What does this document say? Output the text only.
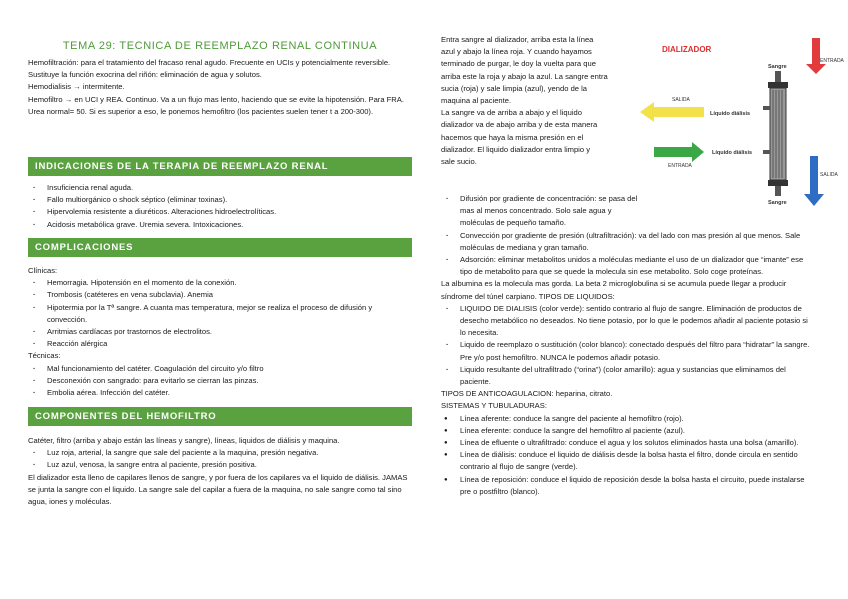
TEMA 29: TECNICA DE REEMPLAZO RENAL CONTINUA
Hemofiltración: para el tratamiento del fracaso renal agudo. Frecuente en UCIs y potencialmente reversible. Sustituye la función exocrina del riñón: eliminación de agua y solutos.
Hemodialisis → intermitente.
Hemofiltro → en UCI y REA. Continuo. Va a un flujo mas lento, haciendo que se evite la hipotensión. Para FRA. Urea normal= 50. Si es superior a eso, le ponemos hemofiltro (los pacientes suelen tener t a 200-300).
INDICACIONES DE LA TERAPIA DE REEMPLAZO RENAL
· Insuficiencia renal aguda.
· Fallo multiorgánico o shock séptico (eliminar toxinas).
· Hipervolemia resistente a diuréticos. Alteraciones hidroelectrolíticas.
· Acidosis metabólica grave. Uremia severa. Intoxicaciones.
COMPLICACIONES
Clínicas:
· Hemorragia. Hipotensión en el momento de la conexión.
· Trombosis (catéteres en vena subclavia). Anemia
· Hipotermia por la Tª sangre. A cuanta mas temperatura, mejor se realiza el proceso de difusión y convección.
· Arritmias cardíacas por trastornos de electrolitos.
· Reacción alérgica
Técnicas:
· Mal funcionamiento del catéter. Coagulación del circuito y/o filtro
· Desconexión con sangrado: para evitarlo se cierran las pinzas.
· Embolia aérea. Infección del catéter.
COMPONENTES DEL HEMOFILTRO
Catéter, filtro (arriba y abajo están las líneas y sangre), líneas, liquidos de diálisis y maquina.
· Luz roja, arterial, la sangre que sale del paciente a la maquina, presión negativa.
· Luz azul, venosa, la sangre entra al paciente, presión positiva.
El dializador esta lleno de capilares llenos de sangre, y por fuera de los capilares va el liquido de diálisis. JAMAS se junta la sangre con el liquido. La sangre sale del capilar a fuera de la maquina, no sale sangre como tal sino agua, iones y moléculas.
Entra sangre al dializador, arriba esta la línea
azul y abajo la línea roja. Y cuando hayamos
terminado de purgar, le doy la vuelta para que
arriba este la roja y abajo la azul. La sangre entra
sucia (roja) y sale limpia (azul), yendo de la
maquina al paciente.
La sangre va de arriba a abajo y el liquido
dializador va de abajo arriba y de esta manera
hacemos que haya la misma presión en el
dializador. El liquido dializador entra limpio y
sale sucio.
· Difusión por gradiente de concentración: se pasa del mas al menos concentrado. Solo sale agua y moléculas de pequeño tamaño.
· Convección por gradiente de presión (ultrafiltración): va del lado con mas presión al que menos. Sale moléculas de mediana y gran tamaño.
· Adsorción: eliminar metabolitos unidos a moléculas mediante el uso de un dializador que “imante” ese tipo de metabolito para que se quede la molecula sin ese metabolito. Solo coge proteínas.
La albumina es la molecula mas gorda. La beta 2 microglobulina si se acumula puede llegar a producir síndrome del túnel carpiano. TIPOS DE LIQUIDOS:
· LIQUIDO DE DIALISIS (color verde): sentido contrario al flujo de sangre. Eliminación de productos de desecho metabólico no deseados. No tiene potasio, por lo que le podemos añadir al paciente potasio si lo necesita.
· Liquido de reemplazo o sustitución (color blanco): conectado después del filtro para “hidratar” la sangre. Pre y/o post hemofiltro. NUNCA le podemos añadir potasio.
· Liquido resultante del ultrafiltrado (“orina”) (color amarillo): agua y sustancias que eliminamos del paciente.
TIPOS DE ANTICOAGULACION: heparina, citrato.
SISTEMAS Y TUBULADURAS:
● Línea aferente: conduce la sangre del paciente al hemofiltro (rojo).
● Línea eferente: conduce la sangre del hemofiltro al paciente (azul).
● Línea de efluente o ultrafiltrado: conduce el agua y los solutos eliminados hasta una bolsa (amarillo).
● Línea de diálisis: conduce el liquido de diálisis desde la bolsa hasta el filtro, donde circula en sentido contrario al flujo de sangre (verde).
● Línea de reposición: conduce el liquido de reposición desde la bolsa hasta el circuito, puede instalarse pre o postfiltro (blanco).
DIALIZADOR
ENTRADA
Sangre
SALIDA
Líquido diálisis
ENTRADA
Líquido diálisis
SALIDA
Sangre
